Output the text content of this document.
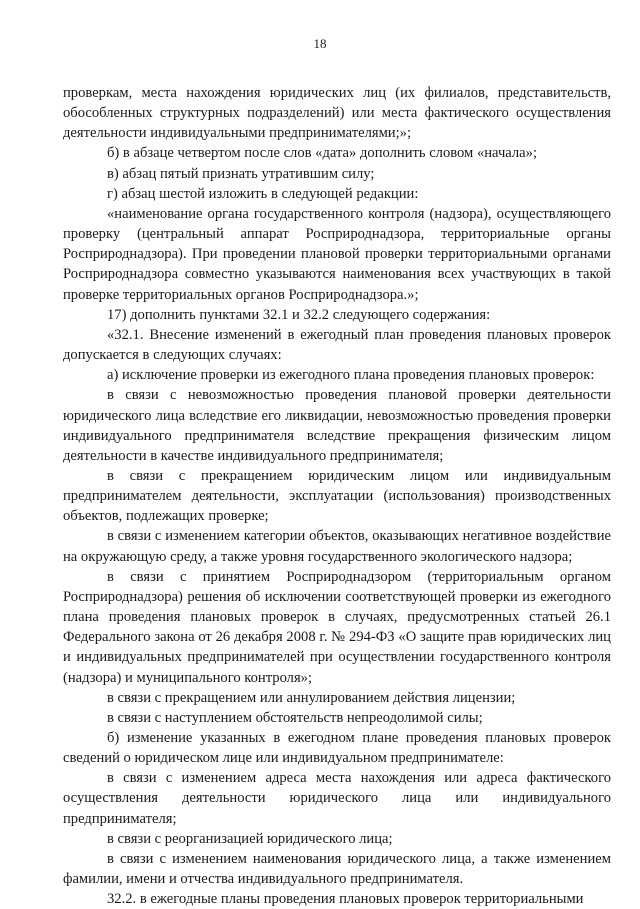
18

проверкам, места нахождения юридических лиц (их филиалов, представительств, обособленных структурных подразделений) или места фактического осуществления деятельности индивидуальными предпринимателями;»;

б) в абзаце четвертом после слов «дата» дополнить словом «начала»;

в) абзац пятый признать утратившим силу;

г) абзац шестой изложить в следующей редакции:

«наименование органа государственного контроля (надзора), осуществляющего проверку (центральный аппарат Росприроднадзора, территориальные органы Росприроднадзора). При проведении плановой проверки территориальными органами Росприроднадзора совместно указываются наименования всех участвующих в такой проверке территориальных органов Росприроднадзора.»;

17) дополнить пунктами 32.1 и 32.2 следующего содержания:

«32.1. Внесение изменений в ежегодный план проведения плановых проверок допускается в следующих случаях:

а) исключение проверки из ежегодного плана проведения плановых проверок:

в связи с невозможностью проведения плановой проверки деятельности юридического лица вследствие его ликвидации, невозможностью проведения проверки индивидуального предпринимателя вследствие прекращения физическим лицом деятельности в качестве индивидуального предпринимателя;

в связи с прекращением юридическим лицом или индивидуальным предпринимателем деятельности, эксплуатации (использования) производственных объектов, подлежащих проверке;

в связи с изменением категории объектов, оказывающих негативное воздействие на окружающую среду, а также уровня государственного экологического надзора;

в связи с принятием Росприроднадзором (территориальным органом Росприроднадзора) решения об исключении соответствующей проверки из ежегодного плана проведения плановых проверок в случаях, предусмотренных статьей 26.1 Федерального закона от 26 декабря 2008 г. № 294-ФЗ «О защите прав юридических лиц и индивидуальных предпринимателей при осуществлении государственного контроля (надзора) и муниципального контроля»;

в связи с прекращением или аннулированием действия лицензии;

в связи с наступлением обстоятельств непреодолимой силы;

б) изменение указанных в ежегодном плане проведения плановых проверок сведений о юридическом лице или индивидуальном предпринимателе:

в связи с изменением адреса места нахождения или адреса фактического осуществления деятельности юридического лица или индивидуального предпринимателя;

в связи с реорганизацией юридического лица;

в связи с изменением наименования юридического лица, а также изменением фамилии, имени и отчества индивидуального предпринимателя.

32.2. в ежегодные планы проведения плановых проверок территориальными
